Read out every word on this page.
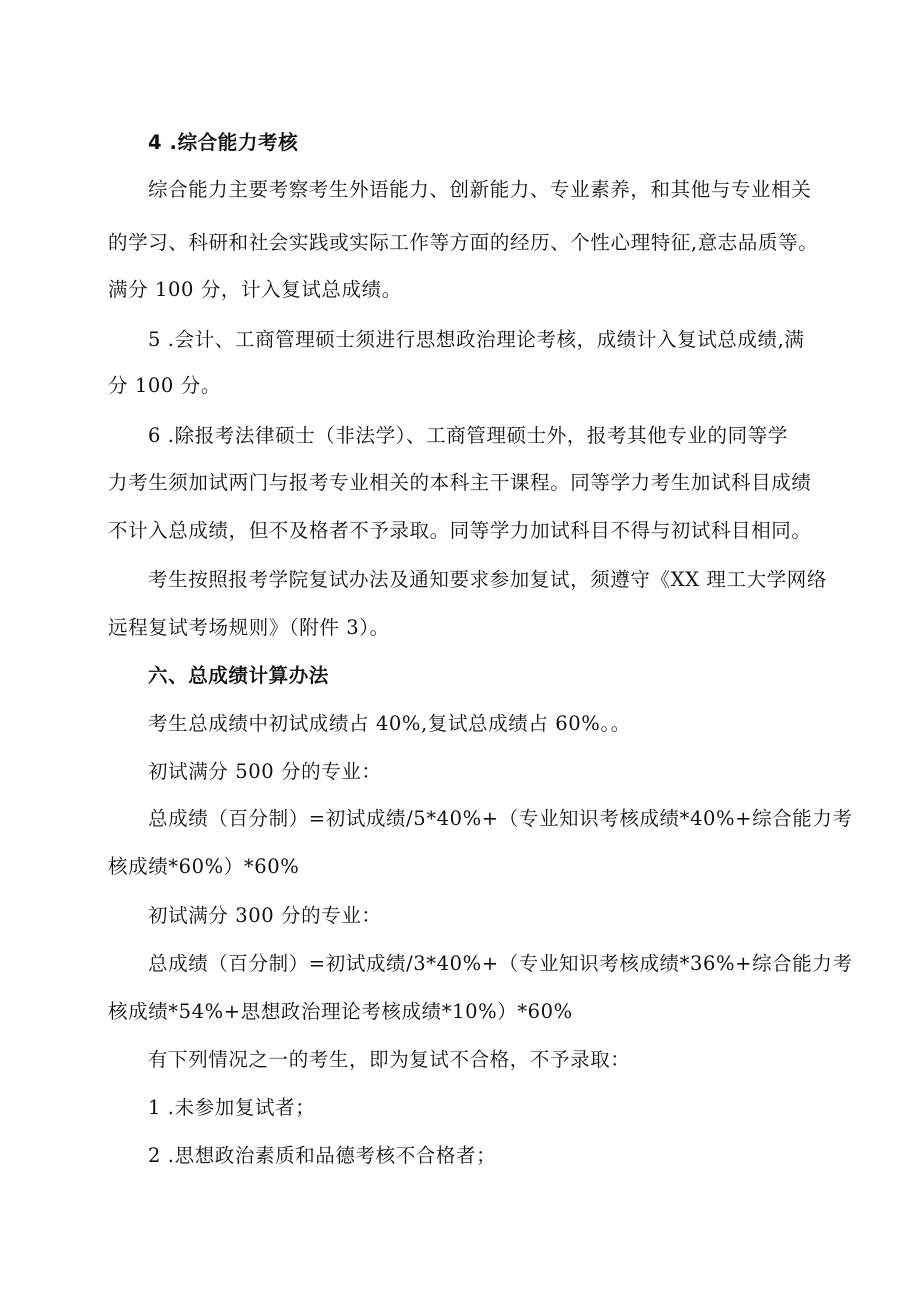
4 .综合能力考核
综合能力主要考察考生外语能力、创新能力、专业素养，和其他与专业相关
的学习、科研和社会实践或实际工作等方面的经历、个性心理特征,意志品质等。
满分 100 分，计入复试总成绩。
5 .会计、工商管理硕士须进行思想政治理论考核，成绩计入复试总成绩,满
分 100 分。
6 .除报考法律硕士（非法学）、工商管理硕士外，报考其他专业的同等学
力考生须加试两门与报考专业相关的本科主干课程。同等学力考生加试科目成绩
不计入总成绩，但不及格者不予录取。同等学力加试科目不得与初试科目相同。
考生按照报考学院复试办法及通知要求参加复试，须遵守《XX 理工大学网络
远程复试考场规则》（附件 3）。
六、总成绩计算办法
考生总成绩中初试成绩占 40%,复试总成绩占 60%。。
初试满分 500 分的专业：
总成绩（百分制）=初试成绩/5*40%+（专业知识考核成绩*40%+综合能力考
核成绩*60%）*60%
初试满分 300 分的专业：
总成绩（百分制）=初试成绩/3*40%+（专业知识考核成绩*36%+综合能力考
核成绩*54%+思想政治理论考核成绩*10%）*60%
有下列情况之一的考生，即为复试不合格，不予录取：
1 .未参加复试者；
2 .思想政治素质和品德考核不合格者；
